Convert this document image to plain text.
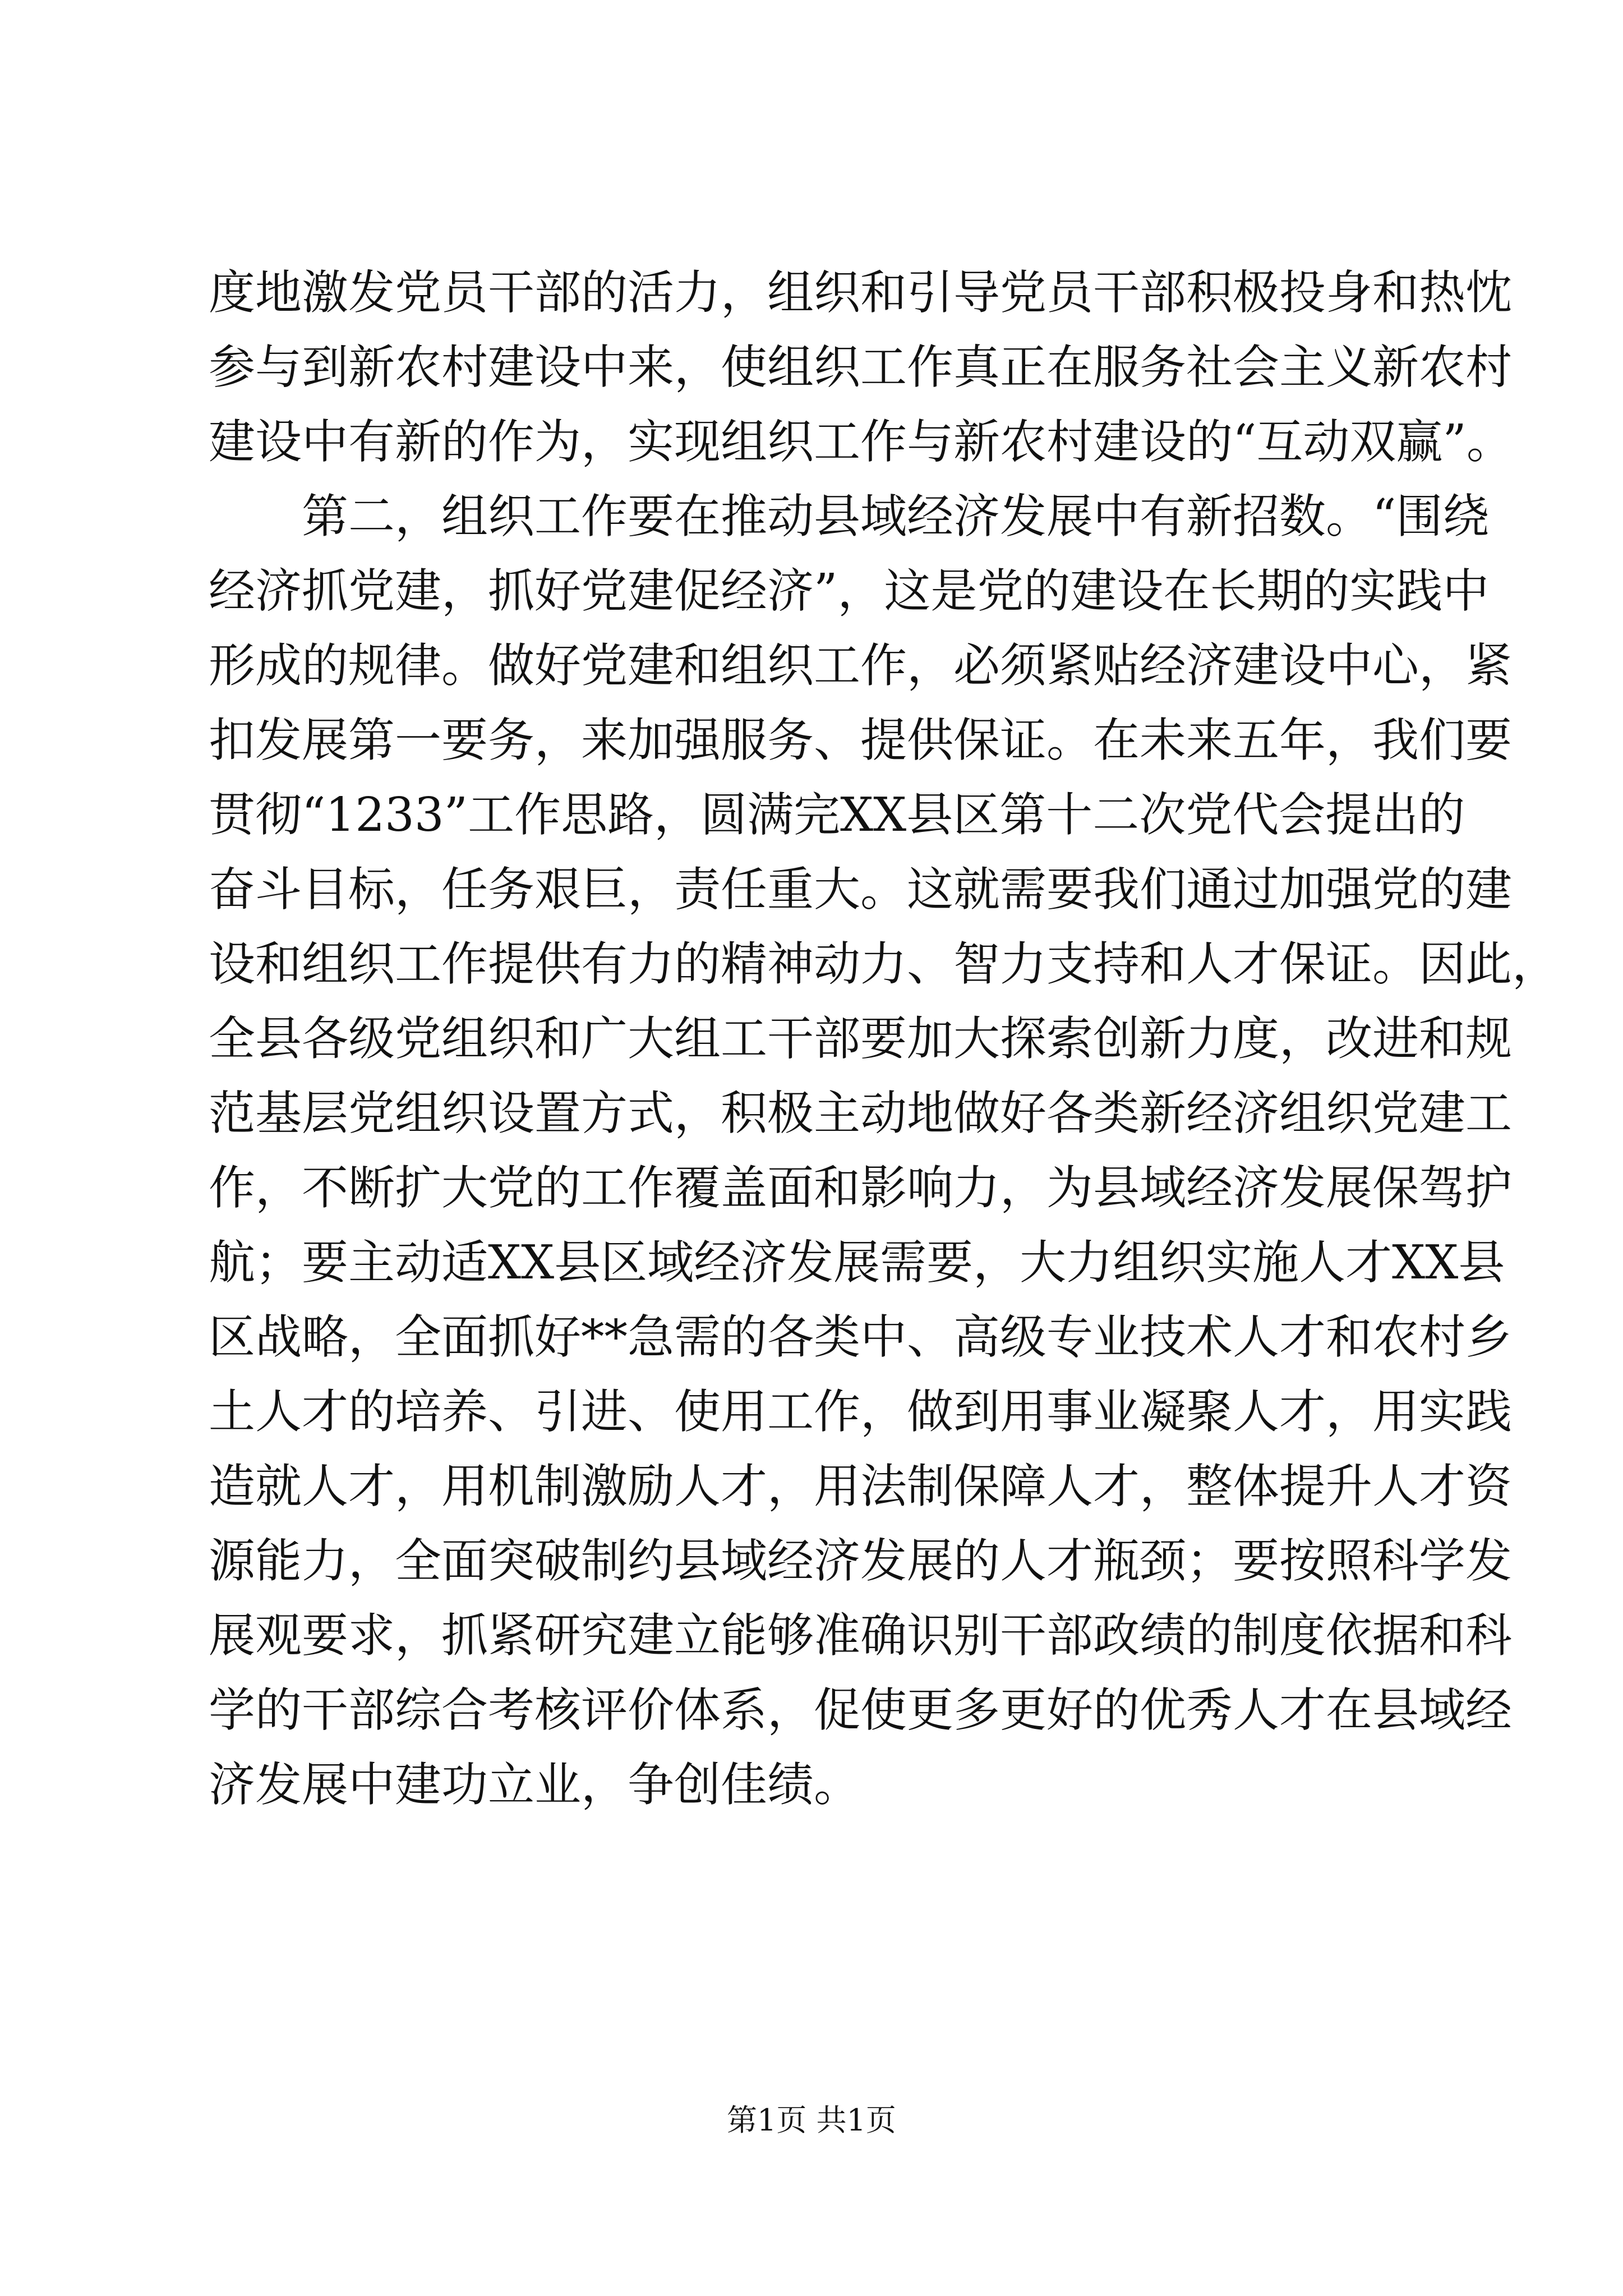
度地激发党员干部的活力，组织和引导党员干部积极投身和热忱
参与到新农村建设中来，使组织工作真正在服务社会主义新农村
建设中有新的作为，实现组织工作与新农村建设的“互动双赢”。
第二，组织工作要在推动县域经济发展中有新招数。“围绕
经济抓党建，抓好党建促经济”，这是党的建设在长期的实践中
形成的规律。做好党建和组织工作，必须紧贴经济建设中心，紧
扣发展第一要务，来加强服务、提供保证。在未来五年，我们要
贯彻“1233”工作思路，圆满完XX县区第十二次党代会提出的
奋斗目标，任务艰巨，责任重大。这就需要我们通过加强党的建
设和组织工作提供有力的精神动力、智力支持和人才保证。因此，
全县各级党组织和广大组工干部要加大探索创新力度，改进和规
范基层党组织设置方式，积极主动地做好各类新经济组织党建工
作，不断扩大党的工作覆盖面和影响力，为县域经济发展保驾护
航；要主动适XX县区域经济发展需要，大力组织实施人才XX县
区战略，全面抓好**急需的各类中、高级专业技术人才和农村乡
土人才的培养、引进、使用工作，做到用事业凝聚人才，用实践
造就人才，用机制激励人才，用法制保障人才，整体提升人才资
源能力，全面突破制约县域经济发展的人才瓶颈；要按照科学发
展观要求，抓紧研究建立能够准确识别干部政绩的制度依据和科
学的干部综合考核评价体系，促使更多更好的优秀人才在县域经
济发展中建功立业，争创佳绩。
第1页 共1页
